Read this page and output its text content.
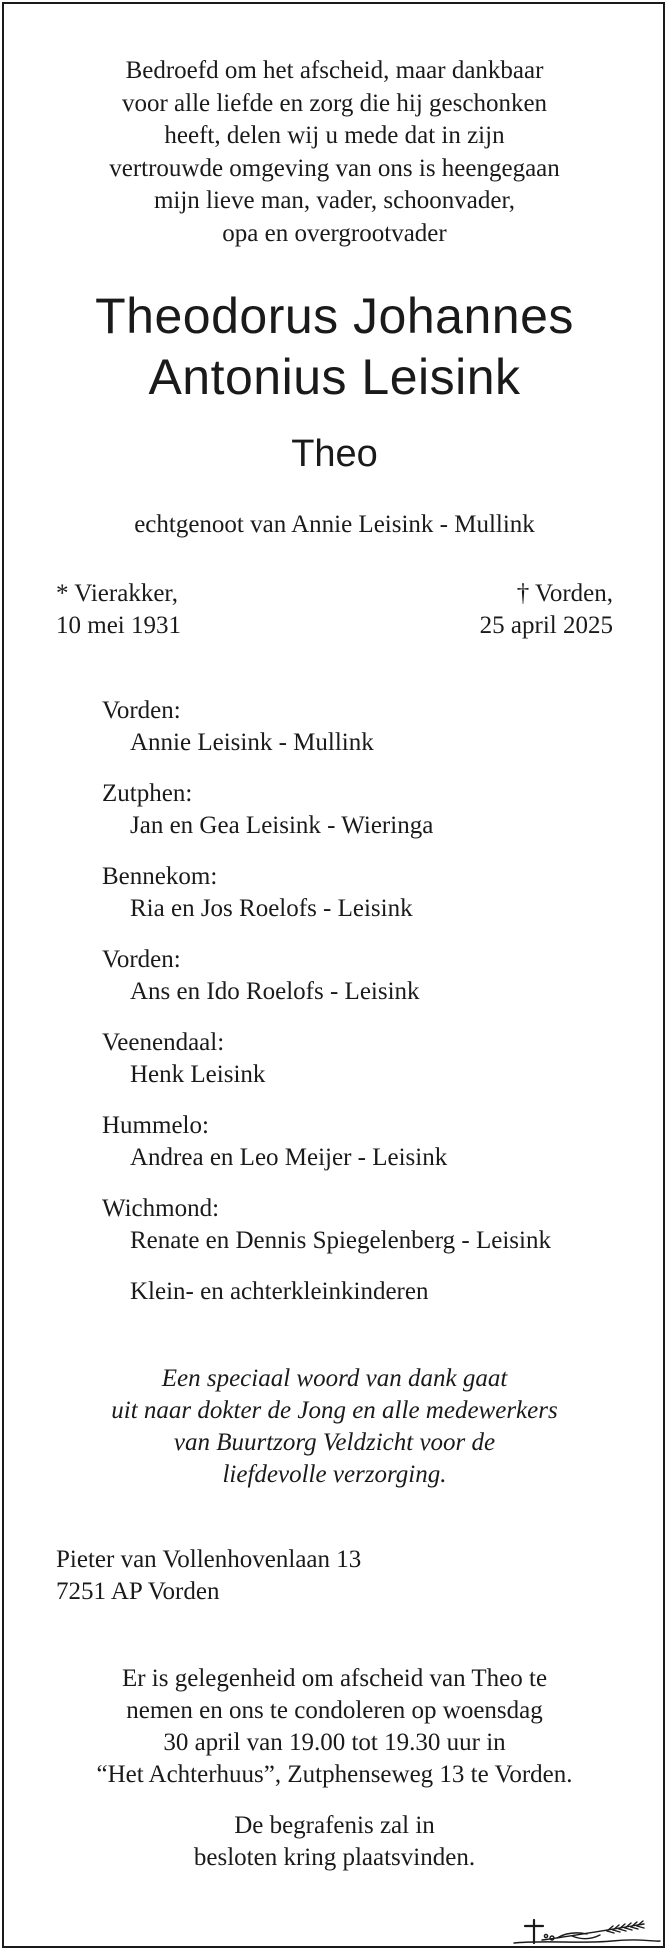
Bedroefd om het afscheid, maar dankbaar
voor alle liefde en zorg die hij geschonken
heeft, delen wij u mede dat in zijn
vertrouwde omgeving van ons is heengegaan
mijn lieve man, vader, schoonvader,
opa en overgrootvader
Theodorus Johannes
Antonius Leisink
Theo
echtgenoot van Annie Leisink - Mullink
* Vierakker,
10 mei 1931
† Vorden,
25 april 2025
Vorden:
Annie Leisink - Mullink
Zutphen:
Jan en Gea Leisink - Wieringa
Bennekom:
Ria en Jos Roelofs - Leisink
Vorden:
Ans en Ido Roelofs - Leisink
Veenendaal:
Henk Leisink
Hummelo:
Andrea en Leo Meijer - Leisink
Wichmond:
Renate en Dennis Spiegelenberg - Leisink
Klein- en achterkleinkinderen
Een speciaal woord van dank gaat
uit naar dokter de Jong en alle medewerkers
van Buurtzorg Veldzicht voor de
liefdevolle verzorging.
Pieter van Vollenhovenlaan 13
7251 AP Vorden
Er is gelegenheid om afscheid van Theo te
nemen en ons te condoleren op woensdag
30 april van 19.00 tot 19.30 uur in
“Het Achterhuus”, Zutphenseweg 13 te Vorden.
De begrafenis zal in
besloten kring plaatsvinden.
